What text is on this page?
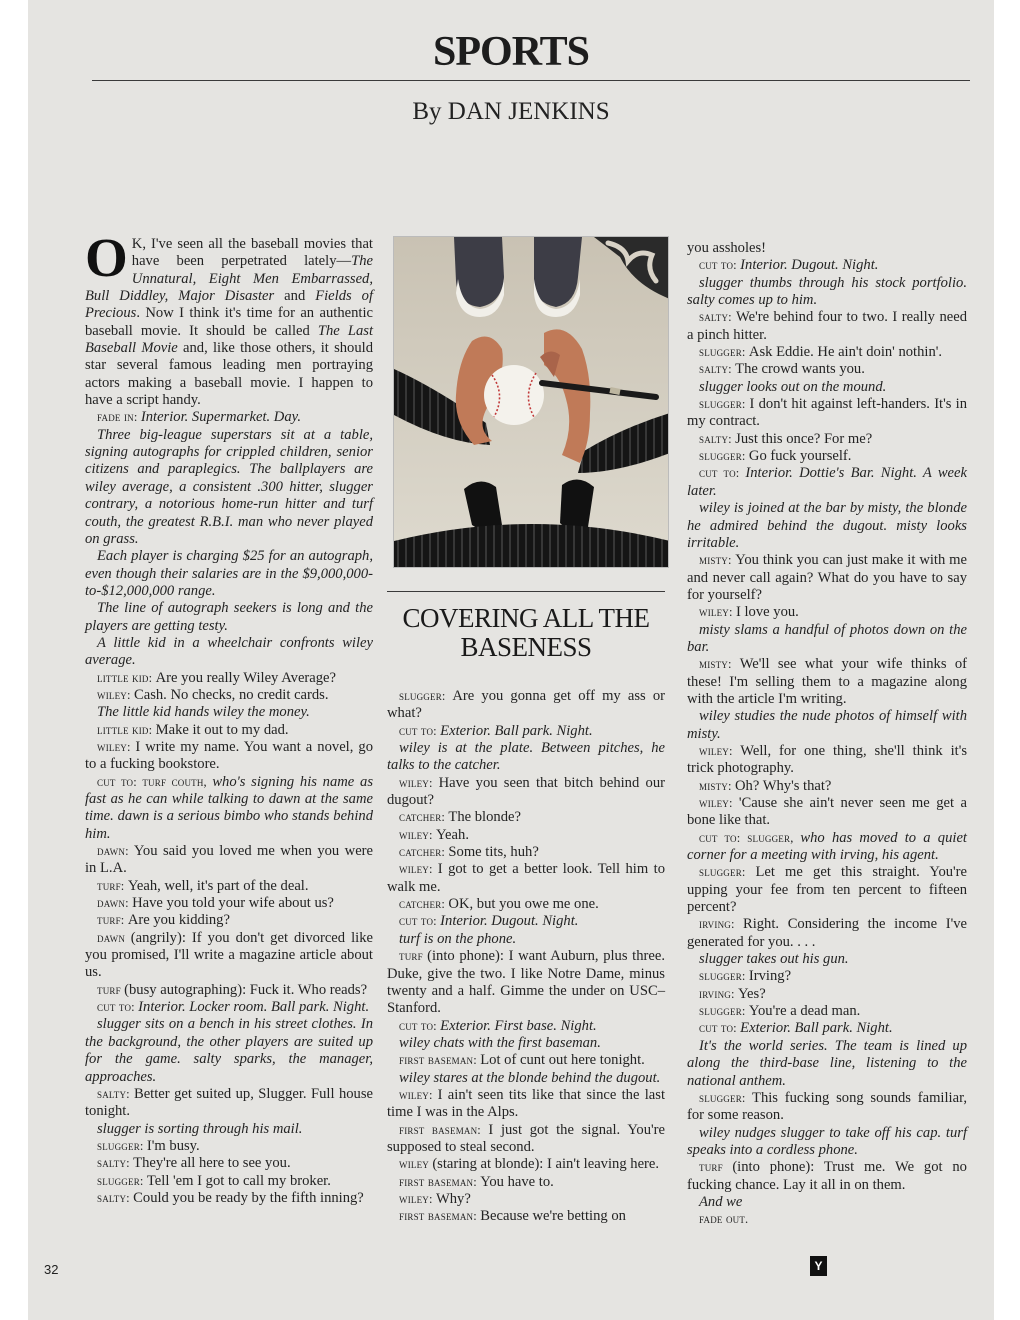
SPORTS
By DAN JENKINS

O K, I've seen all the baseball movies that have been perpetrated lately—The Unnatural, Eight Men Embarrassed, Bull Diddley, Major Disaster and Fields of Precious. Now I think it's time for an authentic baseball movie. It should be called The Last Baseball Movie and, like those others, it should star several famous leading men portraying actors making a baseball movie. I happen to have a script handy.

fade in: Interior. Supermarket. Day.

Three big-league superstars sit at a table, signing autographs for crippled children, senior citizens and paraplegics. The ballplayers are wiley average, a consistent .300 hitter, slugger contrary, a notorious home-run hitter and turf couth, the greatest R.B.I. man who never played on grass.

Each player is charging $25 for an autograph, even though their salaries are in the $9,000,000-to-$12,000,000 range.

The line of autograph seekers is long and the players are getting testy.

A little kid in a wheelchair confronts wiley average.

little kid: Are you really Wiley Average?

wiley: Cash. No checks, no credit cards.

The little kid hands wiley the money.

little kid: Make it out to my dad.

wiley: I write my name. You want a novel, go to a fucking bookstore.

cut to: turf couth, who's signing his name as fast as he can while talking to dawn at the same time. dawn is a serious bimbo who stands behind him.

dawn: You said you loved me when you were in L.A.

turf: Yeah, well, it's part of the deal.

dawn: Have you told your wife about us?

turf: Are you kidding?

dawn (angrily): If you don't get divorced like you promised, I'll write a magazine article about us.

turf (busy autographing): Fuck it. Who reads?

cut to: Interior. Locker room. Ball park. Night.

slugger sits on a bench in his street clothes. In the background, the other players are suited up for the game. salty sparks, the manager, approaches.

salty: Better get suited up, Slugger. Full house tonight.

slugger is sorting through his mail.

slugger: I'm busy.

salty: They're all here to see you.

slugger: Tell 'em I got to call my broker.

salty: Could you be ready by the fifth inning?

COVERING ALL THE BASENESS

slugger: Are you gonna get off my ass or what?

cut to: Exterior. Ball park. Night.

wiley is at the plate. Between pitches, he talks to the catcher.

wiley: Have you seen that bitch behind our dugout?

catcher: The blonde?

wiley: Yeah.

catcher: Some tits, huh?

wiley: I got to get a better look. Tell him to walk me.

catcher: OK, but you owe me one.

cut to: Interior. Dugout. Night.

turf is on the phone.

turf (into phone): I want Auburn, plus three. Duke, give the two. I like Notre Dame, minus twenty and a half. Gimme the under on USC–Stanford.

cut to: Exterior. First base. Night.

wiley chats with the first baseman.

first baseman: Lot of cunt out here tonight.

wiley stares at the blonde behind the dugout.

wiley: I ain't seen tits like that since the last time I was in the Alps.

first baseman: I just got the signal. You're supposed to steal second.

wiley (staring at blonde): I ain't leaving here.

first baseman: You have to.

wiley: Why?

first baseman: Because we're betting on

you assholes!

cut to: Interior. Dugout. Night.

slugger thumbs through his stock portfolio. salty comes up to him.

salty: We're behind four to two. I really need a pinch hitter.

slugger: Ask Eddie. He ain't doin' nothin'.

salty: The crowd wants you.

slugger looks out on the mound.

slugger: I don't hit against left-handers. It's in my contract.

salty: Just this once? For me?

slugger: Go fuck yourself.

cut to: Interior. Dottie's Bar. Night. A week later.

wiley is joined at the bar by misty, the blonde he admired behind the dugout. misty looks irritable.

misty: You think you can just make it with me and never call again? What do you have to say for yourself?

wiley: I love you.

misty slams a handful of photos down on the bar.

misty: We'll see what your wife thinks of these! I'm selling them to a magazine along with the article I'm writing.

wiley studies the nude photos of himself with misty.

wiley: Well, for one thing, she'll think it's trick photography.

misty: Oh? Why's that?

wiley: 'Cause she ain't never seen me get a bone like that.

cut to: slugger, who has moved to a quiet corner for a meeting with irving, his agent.

slugger: Let me get this straight. You're upping your fee from ten percent to fifteen percent?

irving: Right. Considering the income I've generated for you. . . .

slugger takes out his gun.

slugger: Irving?

irving: Yes?

slugger: You're a dead man.

cut to: Exterior. Ball park. Night.

It's the world series. The team is lined up along the third-base line, listening to the national anthem.

slugger: This fucking song sounds familiar, for some reason.

wiley nudges slugger to take off his cap. turf speaks into a cordless phone.

turf (into phone): Trust me. We got no fucking chance. Lay it all in on them.

And we

fade out.

32	Y
